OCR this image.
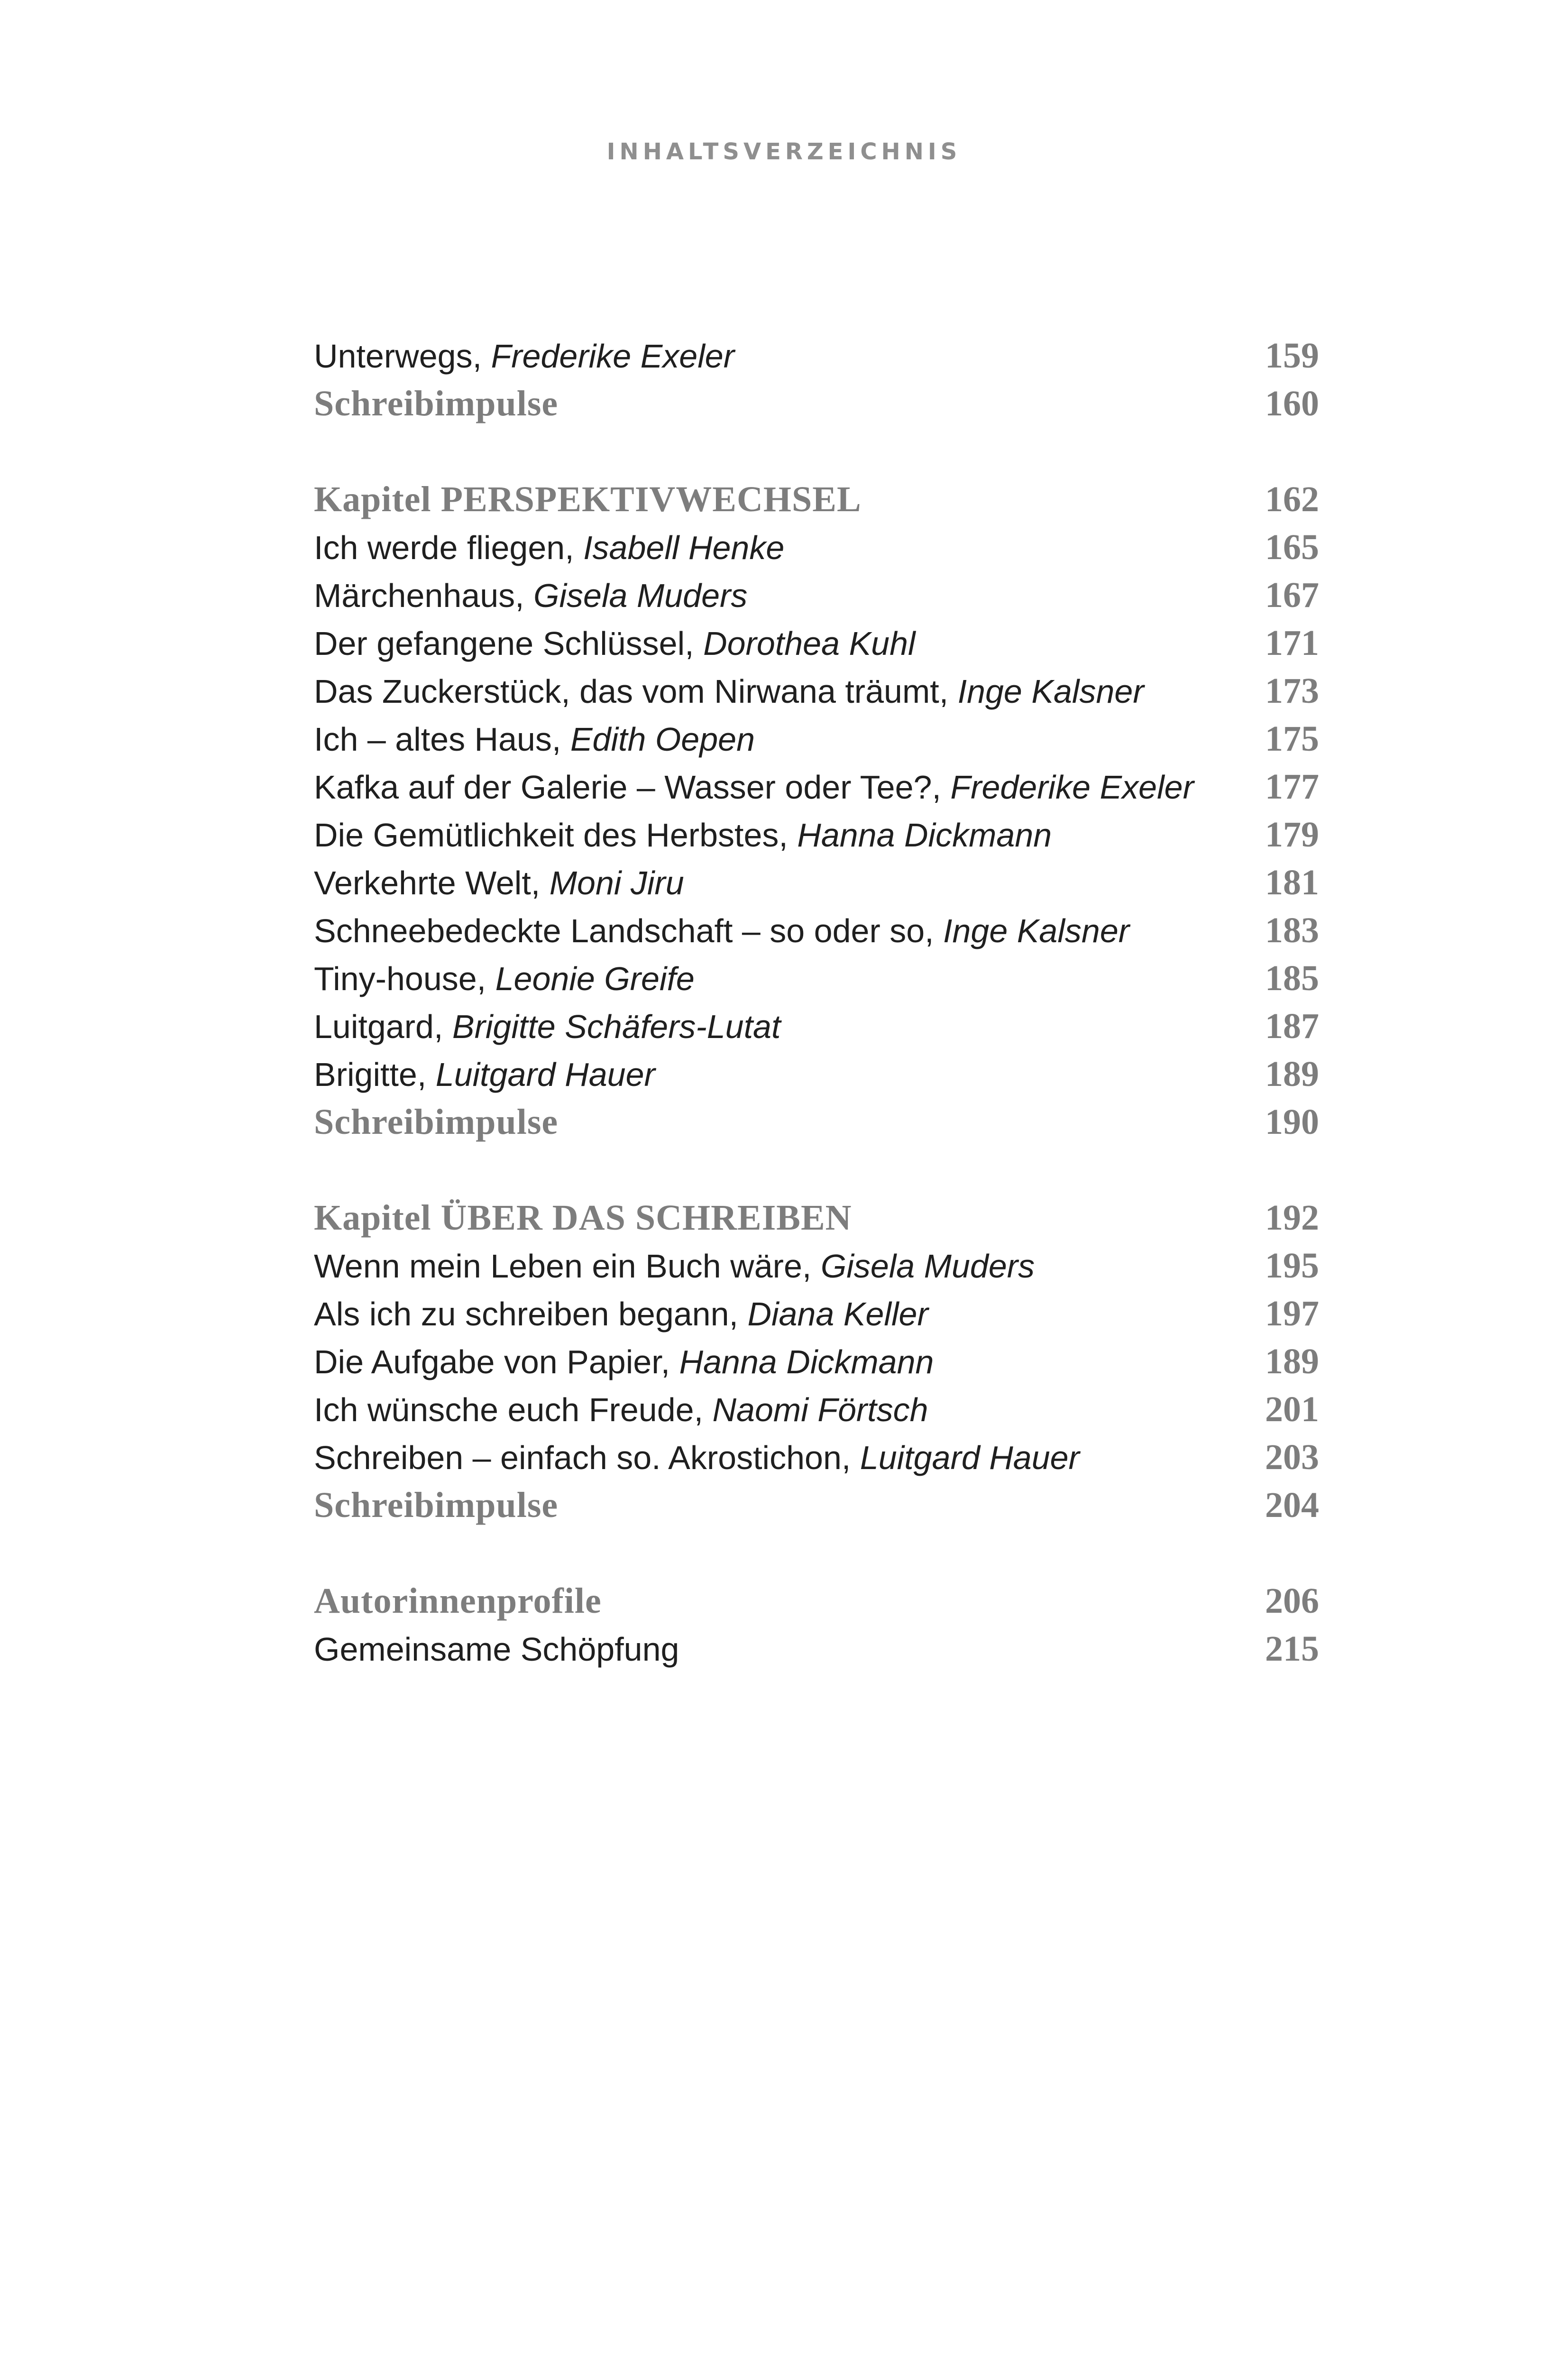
INHALTSVERZEICHNIS
Unterwegs, Frederike Exeler	159
Schreibimpulse	160
Kapitel PERSPEKTIVWECHSEL	162
Ich werde fliegen, Isabell Henke	165
Märchenhaus, Gisela Muders	167
Der gefangene Schlüssel, Dorothea Kuhl	171
Das Zuckerstück, das vom Nirwana träumt, Inge Kalsner	173
Ich – altes Haus, Edith Oepen	175
Kafka auf der Galerie – Wasser oder Tee?, Frederike Exeler	177
Die Gemütlichkeit des Herbstes, Hanna Dickmann	179
Verkehrte Welt, Moni Jiru	181
Schneebedeckte Landschaft – so oder so, Inge Kalsner	183
Tiny-house, Leonie Greife	185
Luitgard, Brigitte Schäfers-Lutat	187
Brigitte, Luitgard Hauer	189
Schreibimpulse	190
Kapitel ÜBER DAS SCHREIBEN	192
Wenn mein Leben ein Buch wäre, Gisela Muders	195
Als ich zu schreiben begann, Diana Keller	197
Die Aufgabe von Papier, Hanna Dickmann	189
Ich wünsche euch Freude, Naomi Förtsch	201
Schreiben – einfach so. Akrostichon, Luitgard Hauer	203
Schreibimpulse	204
Autorinnenprofile	206
Gemeinsame Schöpfung	215
